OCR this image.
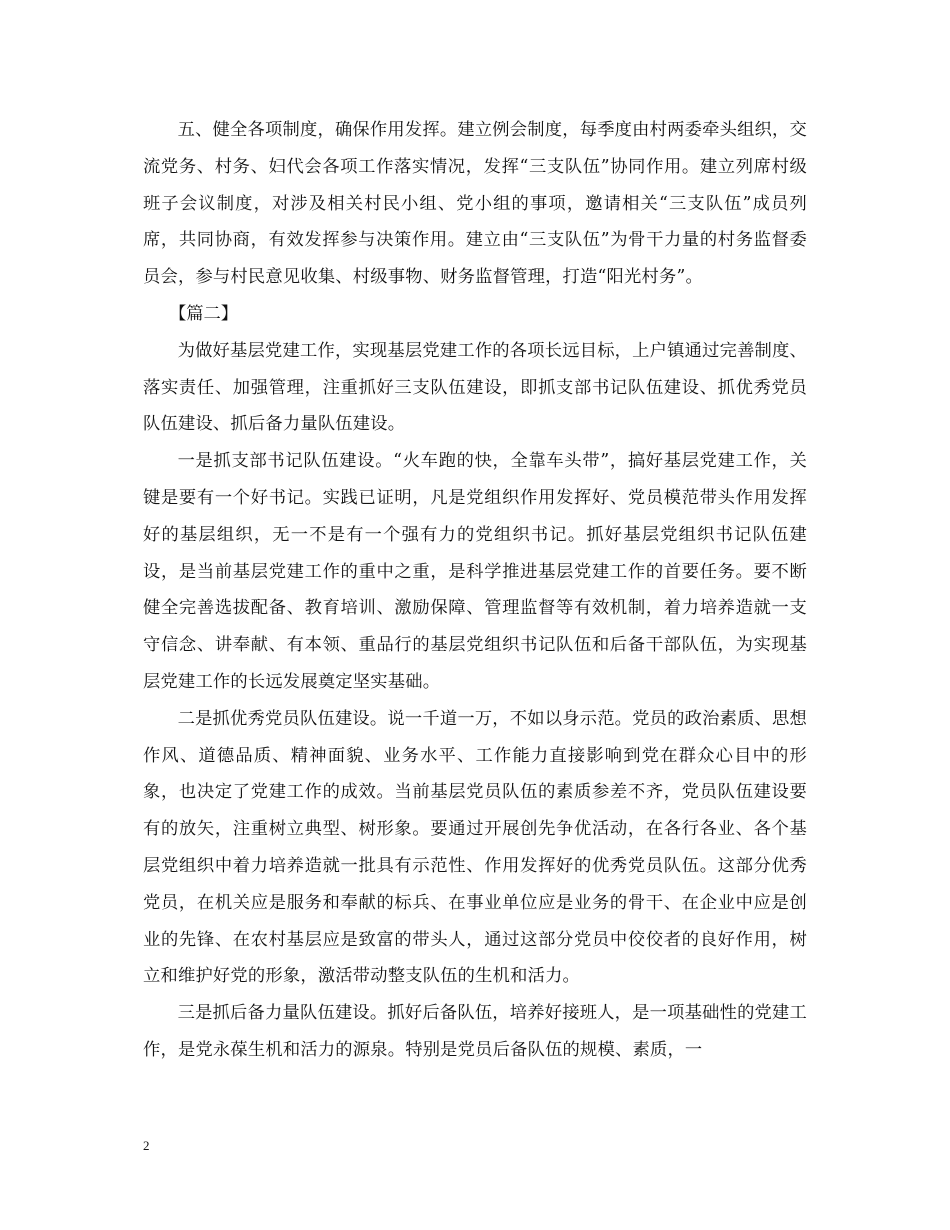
五、健全各项制度，确保作用发挥。建立例会制度，每季度由村两委牵头组织，交流党务、村务、妇代会各项工作落实情况，发挥“三支队伍”协同作用。建立列席村级班子会议制度，对涉及相关村民小组、党小组的事项，邀请相关“三支队伍”成员列席，共同协商，有效发挥参与决策作用。建立由“三支队伍”为骨干力量的村务监督委员会，参与村民意见收集、村级事物、财务监督管理，打造“阳光村务”。

【篇二】

为做好基层党建工作，实现基层党建工作的各项长远目标，上户镇通过完善制度、落实责任、加强管理，注重抓好三支队伍建设，即抓支部书记队伍建设、抓优秀党员队伍建设、抓后备力量队伍建设。

一是抓支部书记队伍建设。“火车跑的快，全靠车头带”，搞好基层党建工作，关键是要有一个好书记。实践已证明，凡是党组织作用发挥好、党员模范带头作用发挥好的基层组织，无一不是有一个强有力的党组织书记。抓好基层党组织书记队伍建设，是当前基层党建工作的重中之重，是科学推进基层党建工作的首要任务。要不断健全完善选拔配备、教育培训、激励保障、管理监督等有效机制，着力培养造就一支守信念、讲奉献、有本领、重品行的基层党组织书记队伍和后备干部队伍，为实现基层党建工作的长远发展奠定坚实基础。

二是抓优秀党员队伍建设。说一千道一万，不如以身示范。党员的政治素质、思想作风、道德品质、精神面貌、业务水平、工作能力直接影响到党在群众心目中的形象，也决定了党建工作的成效。当前基层党员队伍的素质参差不齐，党员队伍建设要有的放矢，注重树立典型、树形象。要通过开展创先争优活动，在各行各业、各个基层党组织中着力培养造就一批具有示范性、作用发挥好的优秀党员队伍。这部分优秀党员，在机关应是服务和奉献的标兵、在事业单位应是业务的骨干、在企业中应是创业的先锋、在农村基层应是致富的带头人，通过这部分党员中佼佼者的良好作用，树立和维护好党的形象，激活带动整支队伍的生机和活力。

三是抓后备力量队伍建设。抓好后备队伍，培养好接班人，是一项基础性的党建工作，是党永葆生机和活力的源泉。特别是党员后备队伍的规模、素质，一

2
